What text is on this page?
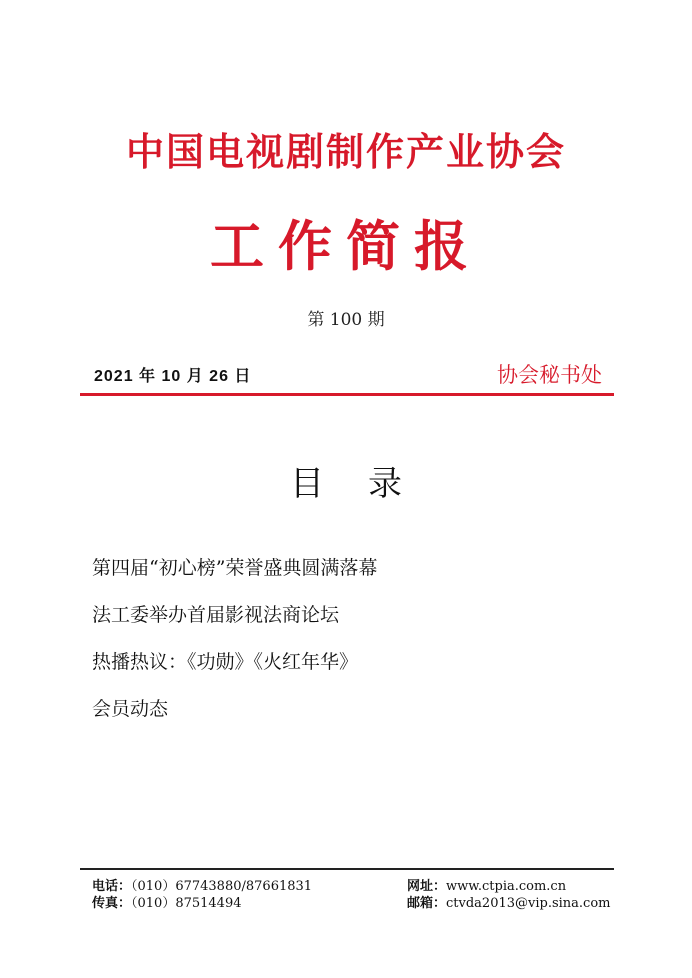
中国电视剧制作产业协会
工作简报
第 100 期
2021 年 10 月 26 日	协会秘书处
目录
第四届“初心榜”荣誉盛典圆满落幕
法工委举办首届影视法商论坛
热播热议：《功勋》《火红年华》
会员动态
电话：（010）67743880/87661831
传真：（010）87514494
网址：www.ctpia.com.cn
邮箱：ctvda2013@vip.sina.com
